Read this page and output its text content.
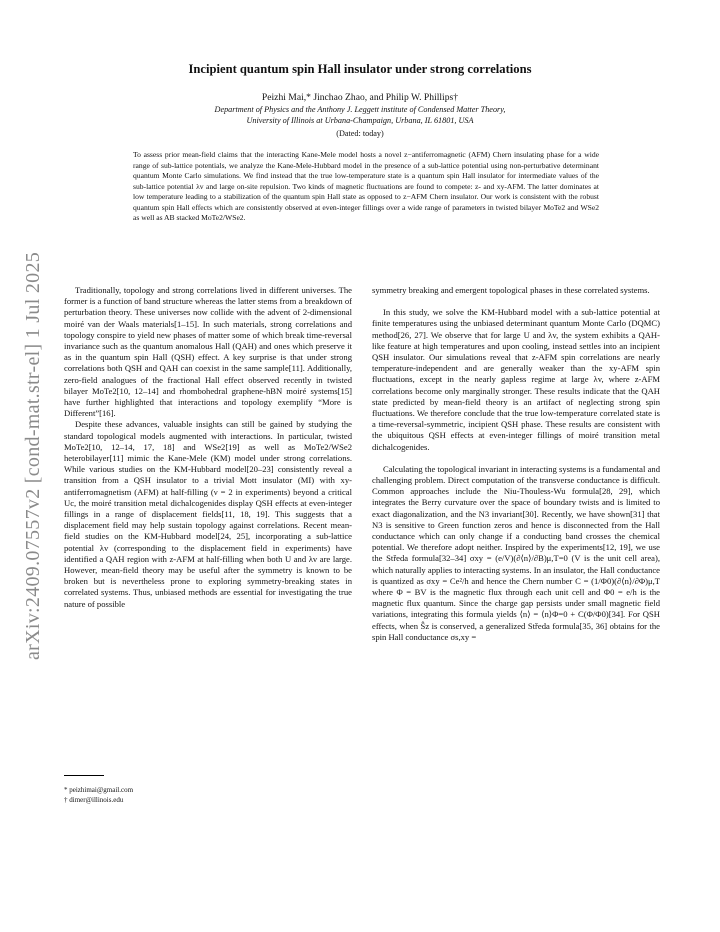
arXiv:2409.07557v2 [cond-mat.str-el] 1 Jul 2025
Incipient quantum spin Hall insulator under strong correlations
Peizhi Mai,* Jinchao Zhao, and Philip W. Phillips†
Department of Physics and the Anthony J. Leggett institute of Condensed Matter Theory,
University of Illinois at Urbana-Champaign, Urbana, IL 61801, USA
(Dated: today)
To assess prior mean-field claims that the interacting Kane-Mele model hosts a novel z−antiferromagnetic (AFM) Chern insulating phase for a wide range of sub-lattice potentials, we analyze the Kane-Mele-Hubbard model in the presence of a sub-lattice potential using non-perturbative determinant quantum Monte Carlo simulations. We find instead that the true low-temperature state is a quantum spin Hall insulator for intermediate values of the sub-lattice potential λv and large on-site repulsion. Two kinds of magnetic fluctuations are found to compete: z- and xy-AFM. The latter dominates at low temperature leading to a stabilization of the quantum spin Hall state as opposed to z−AFM Chern insulator. Our work is consistent with the robust quantum spin Hall effects which are consistently observed at even-integer fillings over a wide range of parameters in twisted bilayer MoTe2 and WSe2 as well as AB stacked MoTe2/WSe2.

Traditionally, topology and strong correlations lived in different universes. The former is a function of band structure whereas the latter stems from a breakdown of perturbation theory. These universes now collide with the advent of 2-dimensional moiré van der Waals materials[1–15]. In such materials, strong correlations and topology conspire to yield new phases of matter some of which break time-reversal invariance such as the quantum anomalous Hall (QAH) and ones which preserve it as in the quantum spin Hall (QSH) effect. A key surprise is that under strong correlations both QSH and QAH can coexist in the same sample[11]. Additionally, zero-field analogues of the fractional Hall effect observed recently in twisted bilayer MoTe2[10, 12–14] and rhombohedral graphene-hBN moiré systems[15] have further highlighted that interactions and topology exemplify “More is Different”[16].

Despite these advances, valuable insights can still be gained by studying the standard topological models augmented with interactions. In particular, twisted MoTe2[10, 12–14, 17, 18] and WSe2[19] as well as MoTe2/WSe2 heterobilayer[11] mimic the Kane-Mele (KM) model under strong correlations. While various studies on the KM-Hubbard model[20–23] consistently reveal a transition from a QSH insulator to a trivial Mott insulator (MI) with xy-antiferromagnetism (AFM) at half-filling (ν = 2 in experiments) beyond a critical Uc, the moiré transition metal dichalcogenides display QSH effects at even-integer fillings in a range of displacement fields[11, 18, 19]. This suggests that a displacement field may help sustain topology against correlations. Recent mean-field studies on the KM-Hubbard model[24, 25], incorporating a sub-lattice potential λv (corresponding to the displacement field in experiments) have identified a QAH region with z-AFM at half-filling when both U and λv are large. However, mean-field theory may be useful after the symmetry is known to be broken but is nevertheless prone to exploring symmetry-breaking states in correlated systems. Thus, unbiased methods are essential for investigating the true nature of possible

symmetry breaking and emergent topological phases in these correlated systems.

In this study, we solve the KM-Hubbard model with a sub-lattice potential at finite temperatures using the unbiased determinant quantum Monte Carlo (DQMC) method[26, 27]. We observe that for large U and λv, the system exhibits a QAH-like feature at high temperatures and upon cooling, instead settles into an incipient QSH insulator. Our simulations reveal that z-AFM spin correlations are nearly temperature-independent and are generally weaker than the xy-AFM spin fluctuations, except in the nearly gapless regime at large λv, where z-AFM correlations become only marginally stronger. These results indicate that the QAH state predicted by mean-field theory is an artifact of neglecting strong spin fluctuations. We therefore conclude that the true low-temperature correlated state is a time-reversal-symmetric, incipient QSH phase. These results are consistent with the ubiquitous QSH effects at even-integer fillings of moiré transition metal dichalcogenides.

Calculating the topological invariant in interacting systems is a fundamental and challenging problem. Direct computation of the transverse conductance is difficult. Common approaches include the Niu-Thouless-Wu formula[28, 29], which integrates the Berry curvature over the space of boundary twists and is limited to exact diagonalization, and the N3 invariant[30]. Recently, we have shown[31] that N3 is sensitive to Green function zeros and hence is disconnected from the Hall conductance which can only change if a conducting band crosses the chemical potential. We therefore adopt neither. Inspired by the experiments[12, 19], we use the Středa formula[32–34] σxy = (e/V)(∂⟨n⟩/∂B)μ,T=0 (V is the unit cell area), which naturally applies to interacting systems. In an insulator, the Hall conductance is quantized as σxy = Ce²/h and hence the Chern number C = (1/Φ0)(∂⟨n⟩/∂Φ)μ,T where Φ = BV is the magnetic flux through each unit cell and Φ0 = e/h is the magnetic flux quantum. Since the charge gap persists under small magnetic field variations, integrating this formula yields ⟨n⟩ = ⟨n⟩Φ=0 + C(Φ/Φ0)[34]. For QSH effects, when Ŝz is conserved, a generalized Středa formula[35, 36] obtains for the spin Hall conductance σs,xy =

* peizhimai@gmail.com
† dimer@illinois.edu
